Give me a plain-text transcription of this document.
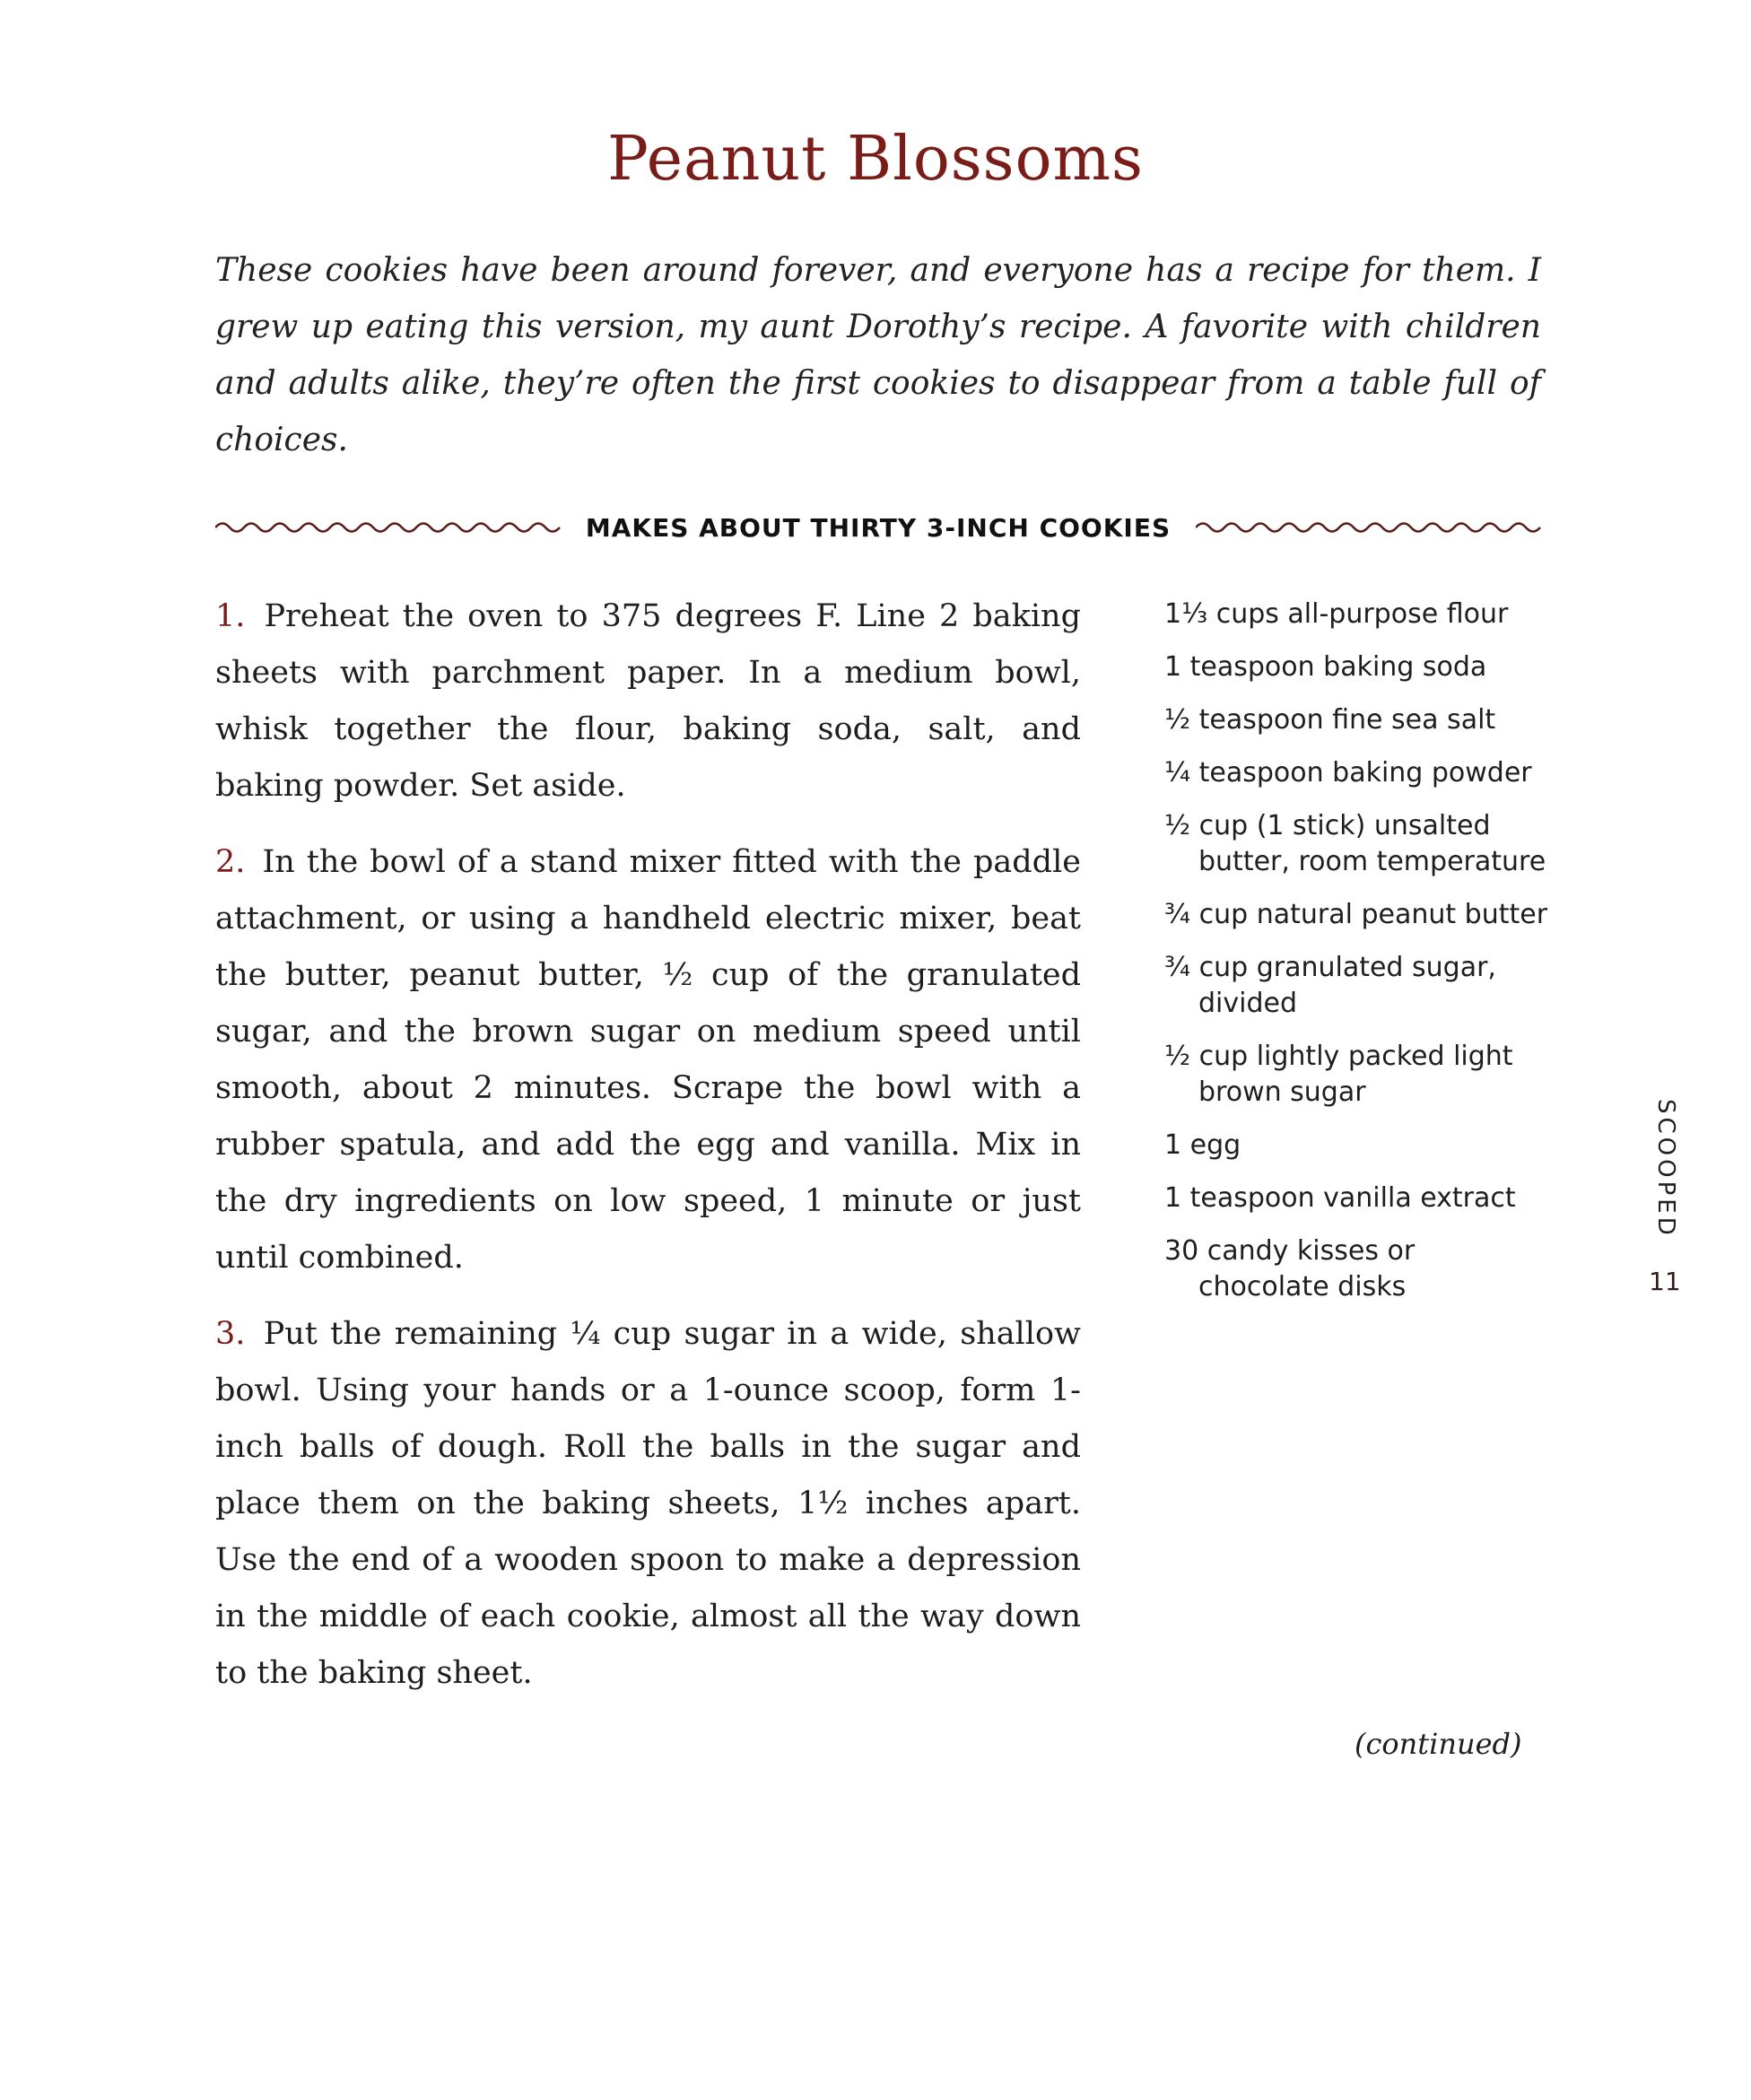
Peanut Blossoms

These cookies have been around forever, and everyone has a recipe for them. I grew up eating this version, my aunt Dorothy’s recipe. A favorite with children and adults alike, they’re often the first cookies to disappear from a table full of choices.

MAKES ABOUT THIRTY 3-INCH COOKIES

1. Preheat the oven to 375 degrees F. Line 2 baking sheets with parchment paper. In a medium bowl, whisk together the flour, baking soda, salt, and baking powder. Set aside.

2. In the bowl of a stand mixer fitted with the paddle attachment, or using a handheld electric mixer, beat the butter, peanut butter, ½ cup of the granulated sugar, and the brown sugar on medium speed until smooth, about 2 minutes. Scrape the bowl with a rubber spatula, and add the egg and vanilla. Mix in the dry ingredients on low speed, 1 minute or just until combined.

3. Put the remaining ¼ cup sugar in a wide, shallow bowl. Using your hands or a 1-ounce scoop, form 1-inch balls of dough. Roll the balls in the sugar and place them on the baking sheets, 1½ inches apart. Use the end of a wooden spoon to make a depression in the middle of each cookie, almost all the way down to the baking sheet.

1⅓ cups all-purpose flour
1 teaspoon baking soda
½ teaspoon fine sea salt
¼ teaspoon baking powder
½ cup (1 stick) unsalted butter, room temperature
¾ cup natural peanut butter
¾ cup granulated sugar, divided
½ cup lightly packed light brown sugar
1 egg
1 teaspoon vanilla extract
30 candy kisses or chocolate disks
(continued)
SCOOPED
11
